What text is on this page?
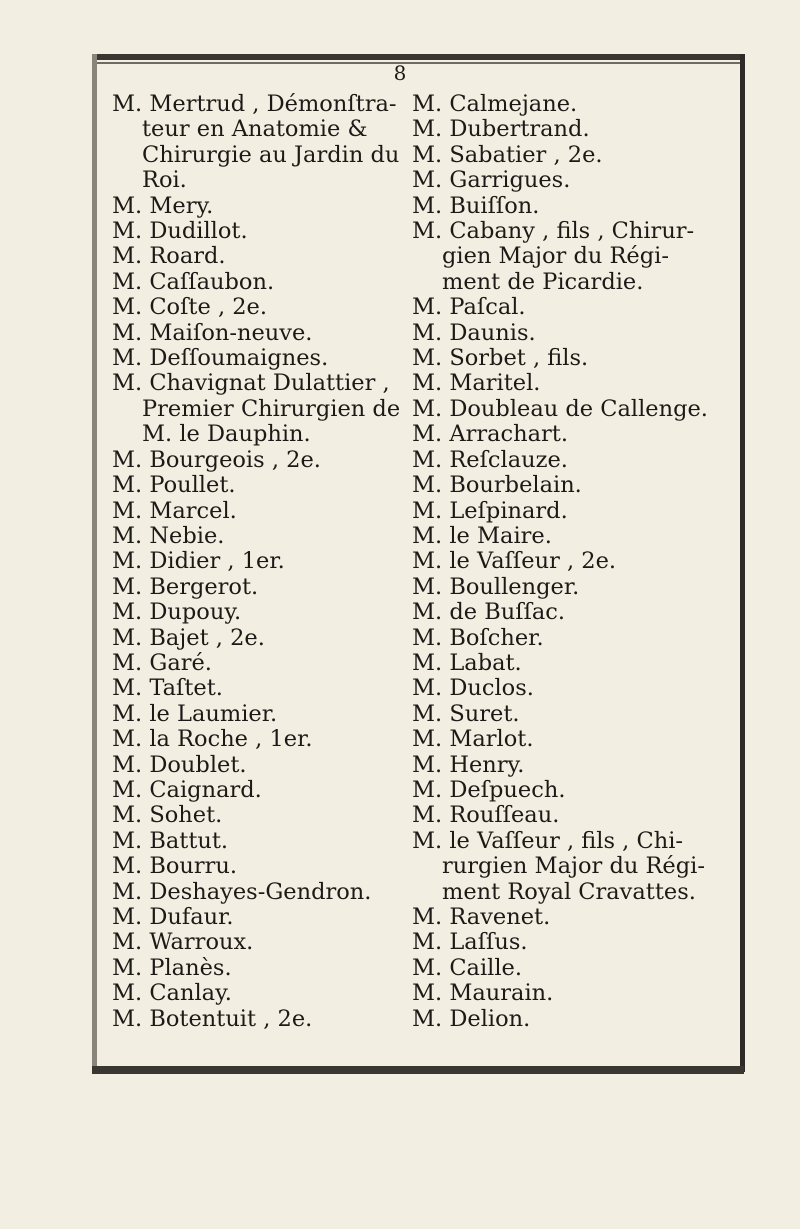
8
M. Mertrud , Démonſtra- teur en Anatomie & Chirurgie au Jardin du Roi.
M. Mery.
M. Dudillot.
M. Roard.
M. Caſſaubon.
M. Coſte , 2e.
M. Maiſon-neuve.
M. Deſſoumaignes.
M. Chavignat Dulattier , Premier Chirurgien de M. le Dauphin.
M. Bourgeois , 2e.
M. Poullet.
M. Marcel.
M. Nebie.
M. Didier , 1er.
M. Bergerot.
M. Dupouy.
M. Bajet , 2e.
M. Garé.
M. Taſtet.
M. le Laumier.
M. la Roche , 1er.
M. Doublet.
M. Caignard.
M. Sohet.
M. Battut.
M. Bourru.
M. Deshayes-Gendron.
M. Dufaur.
M. Warroux.
M. Planès.
M. Canlay.
M. Botentuit , 2e.
M. Calmejane.
M. Dubertrand.
M. Sabatier , 2e.
M. Garrigues.
M. Buiſſon.
M. Cabany , fils , Chirur- gien Major du Régi- ment de Picardie.
M. Paſcal.
M. Daunis.
M. Sorbet , fils.
M. Maritel.
M. Doubleau de Callenge.
M. Arrachart.
M. Reſclauze.
M. Bourbelain.
M. Leſpinard.
M. le Maire.
M. le Vaſſeur , 2e.
M. Boullenger.
M. de Buſſac.
M. Boſcher.
M. Labat.
M. Duclos.
M. Suret.
M. Marlot.
M. Henry.
M. Deſpuech.
M. Rouſſeau.
M. le Vaſſeur , fils , Chi- rurgien Major du Régi- ment Royal Cravattes.
M. Ravenet.
M. Laſſus.
M. Caille.
M. Maurain.
M. Delion.
